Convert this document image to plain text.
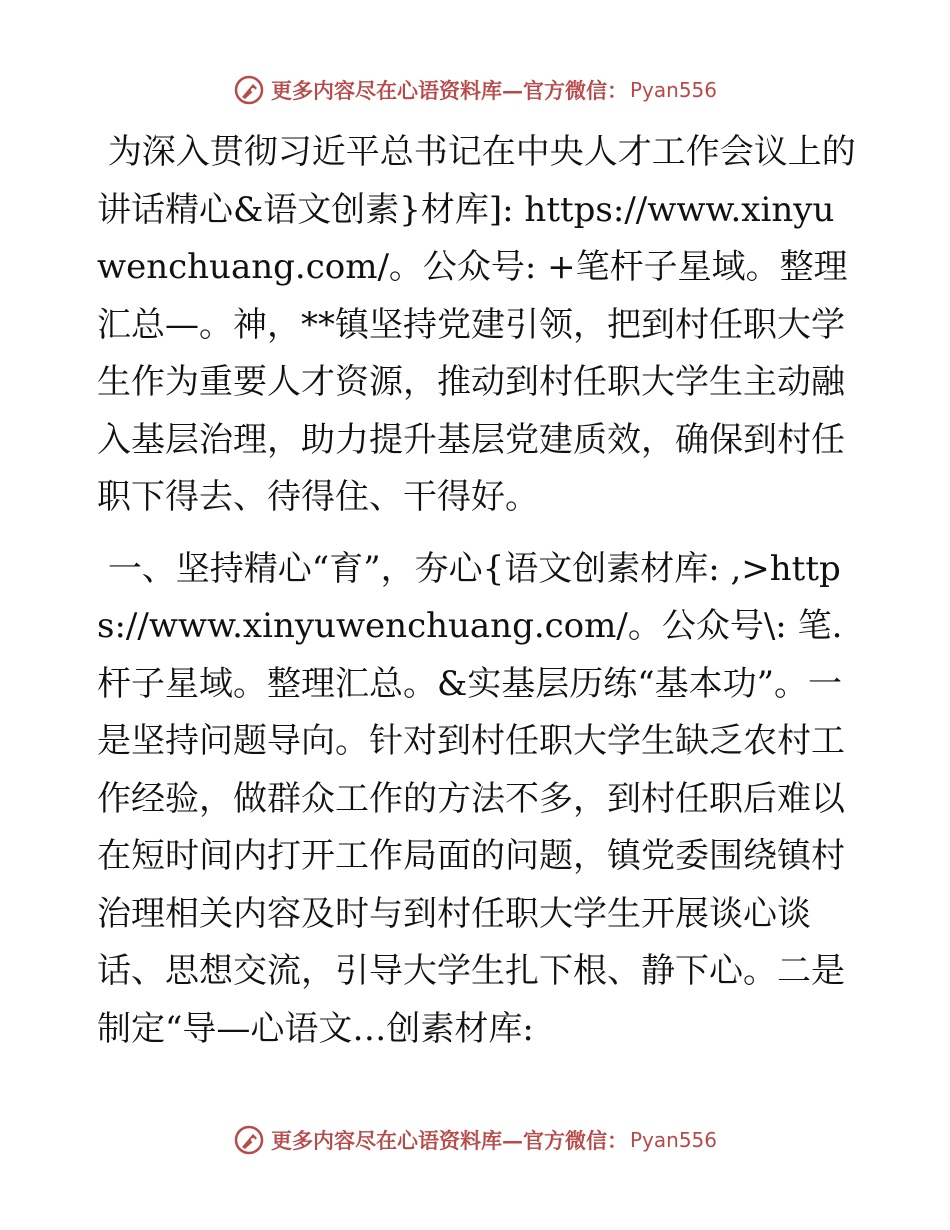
更多内容尽在心语资料库—官方微信： Pyan556

为深入贯彻习近平总书记在中央人才工作会议上的讲话精心&语文创素}材库]: https://www.xinyuwenchuang.com/。公众号: +笔杆子星域。整理汇总—。神，**镇坚持党建引领，把到村任职大学生作为重要人才资源，推动到村任职大学生主动融入基层治理，助力提升基层党建质效，确保到村任职下得去、待得住、干得好。

一、坚持精心“育”，夯心{语文创素材库: ,>https://www.xinyuwenchuang.com/。公众号\: 笔.杆子星域。整理汇总。&实基层历练“基本功”。一是坚持问题导向。针对到村任职大学生缺乏农村工作经验，做群众工作的方法不多，到村任职后难以在短时间内打开工作局面的问题，镇党委围绕镇村治理相关内容及时与到村任职大学生开展谈心谈话、思想交流，引导大学生扎下根、静下心。二是制定“导—心语文…创素材库:

更多内容尽在心语资料库—官方微信： Pyan556
